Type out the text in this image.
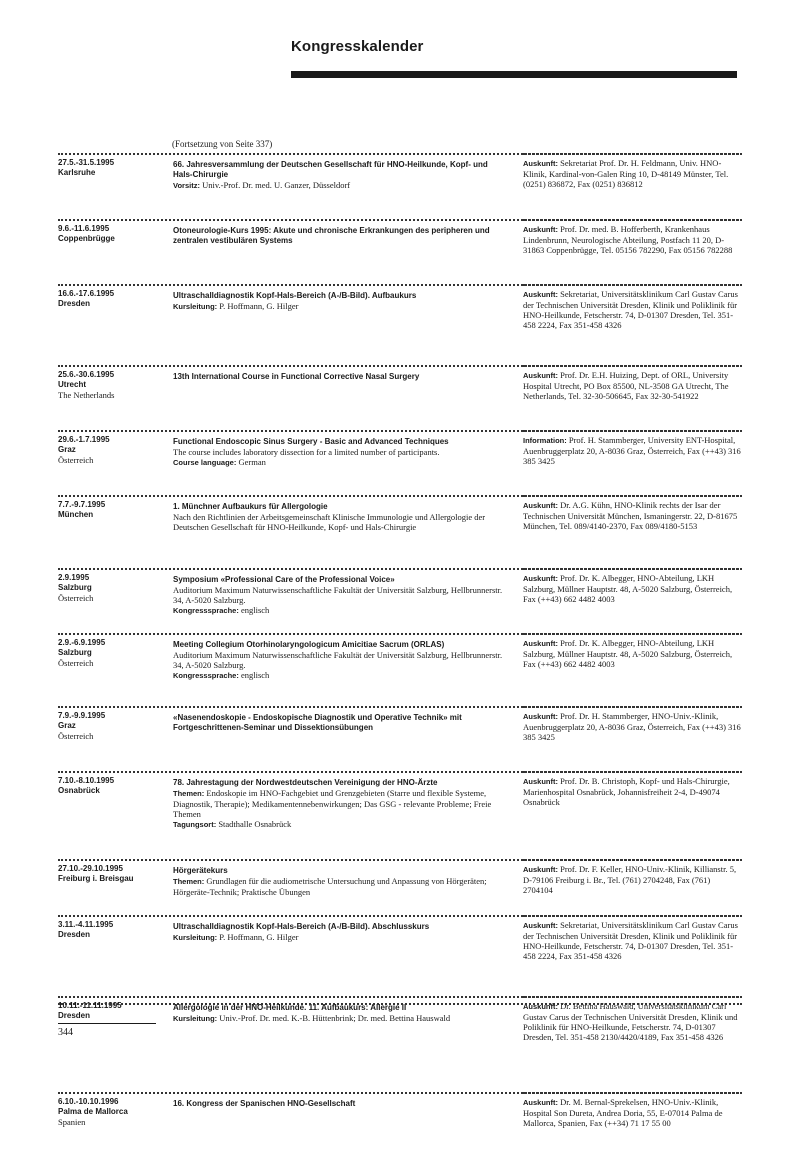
Kongresskalender
(Fortsetzung von Seite 337)
27.5.-31.5.1995
Karlsruhe
66. Jahresversammlung der Deutschen Gesellschaft für HNO-Heilkunde, Kopf- und Hals-Chirurgie
Vorsitz: Univ.-Prof. Dr. med. U. Ganzer, Düsseldorf
Auskunft: Sekretariat Prof. Dr. H. Feldmann, Univ. HNO-Klinik, Kardinal-von-Galen Ring 10, D-48149 Münster, Tel. (0251) 836872, Fax (0251) 836812
9.6.-11.6.1995
Coppenbrügge
Otoneurologie-Kurs 1995: Akute und chronische Erkrankungen des peripheren und zentralen vestibulären Systems
Auskunft: Prof. Dr. med. B. Hofferberth, Krankenhaus Lindenbrunn, Neurologische Abteilung, Postfach 11 20, D-31863 Coppenbrügge, Tel. 05156 782290, Fax 05156 782288
16.6.-17.6.1995
Dresden
Ultraschalldiagnostik Kopf-Hals-Bereich (A-/B-Bild). Aufbaukurs
Kursleitung: P. Hoffmann, G. Hilger
Auskunft: Sekretariat, Universitätsklinikum Carl Gustav Carus der Technischen Universität Dresden, Klinik und Poliklinik für HNO-Heilkunde, Fetscherstr. 74, D-01307 Dresden, Tel. 351-458 2224, Fax 351-458 4326
25.6.-30.6.1995
Utrecht
The Netherlands
13th International Course in Functional Corrective Nasal Surgery	Auskunft: Prof. Dr. E.H. Huizing, Dept. of ORL, University Hospital Utrecht, PO Box 85500, NL-3508 GA Utrecht, The Netherlands, Tel. 32-30-506645, Fax 32-30-541922
29.6.-1.7.1995
Graz
Österreich
Functional Endoscopic Sinus Surgery - Basic and Advanced Techniques
The course includes laboratory dissection for a limited number of participants.
Course language: German
Information: Prof. H. Stammberger, University ENT-Hospital, Auenbruggerplatz 20, A-8036 Graz, Österreich, Fax (++43) 316 385 3425
7.7.-9.7.1995
München
1. Münchner Aufbaukurs für Allergologie
Nach den Richtlinien der Arbeitsgemeinschaft Klinische Immunologie und Allergologie der Deutschen Gesellschaft für HNO-Heilkunde, Kopf- und Hals-Chirurgie
Auskunft: Dr. A.G. Kühn, HNO-Klinik rechts der Isar der Technischen Universität München, Ismaningerstr. 22, D-81675 München, Tel. 089/4140-2370, Fax 089/4180-5153
2.9.1995
Salzburg
Österreich
Symposium «Professional Care of the Professional Voice»
Auditorium Maximum Naturwissenschaftliche Fakultät der Universität Salzburg, Hellbrunnerstr. 34, A-5020 Salzburg.
Kongresssprache: englisch
Auskunft: Prof. Dr. K. Albegger, HNO-Abteilung, LKH Salzburg, Müllner Hauptstr. 48, A-5020 Salzburg, Österreich, Fax (++43) 662 4482 4003
2.9.-6.9.1995
Salzburg
Österreich
Meeting Collegium Otorhinolaryngologicum Amicitiae Sacrum (ORLAS)
Auditorium Maximum Naturwissenschaftliche Fakultät der Universität Salzburg, Hellbrunnerstr. 34, A-5020 Salzburg.
Kongresssprache: englisch
Auskunft: Prof. Dr. K. Albegger, HNO-Abteilung, LKH Salzburg, Müllner Hauptstr. 48, A-5020 Salzburg, Österreich, Fax (++43) 662 4482 4003
7.9.-9.9.1995
Graz
Österreich
«Nasenendoskopie - Endoskopische Diagnostik und Operative Technik» mit Fortgeschrittenen-Seminar und Dissektionsübungen
Auskunft: Prof. Dr. H. Stammberger, HNO-Univ.-Klinik, Auenbruggerplatz 20, A-8036 Graz, Österreich, Fax (++43) 316 385 3425
7.10.-8.10.1995
Osnabrück
78. Jahrestagung der Nordwestdeutschen Vereinigung der HNO-Ärzte
Themen: Endoskopie im HNO-Fachgebiet und Grenzgebieten (Starre und flexible Systeme, Diagnostik, Therapie); Medikamentennebenwirkungen; Das GSG - relevante Probleme; Freie Themen
Tagungsort: Stadthalle Osnabrück
Auskunft: Prof. Dr. B. Christoph, Kopf- und Hals-Chirurgie, Marienhospital Osnabrück, Johannisfreiheit 2-4, D-49074 Osnabrück
27.10.-29.10.1995
Freiburg i. Breisgau
Hörgerätekurs
Themen: Grundlagen für die audiometrische Untersuchung und Anpassung von Hörgeräten; Hörgeräte-Technik; Praktische Übungen
Auskunft: Prof. Dr. F. Keller, HNO-Univ.-Klinik, Killianstr. 5, D-79106 Freiburg i. Br., Tel. (761) 2704248, Fax (761) 2704104
3.11.-4.11.1995
Dresden
Ultraschalldiagnostik Kopf-Hals-Bereich (A-/B-Bild). Abschlusskurs
Kursleitung: P. Hoffmann, G. Hilger
Auskunft: Sekretariat, Universitätsklinikum Carl Gustav Carus der Technischen Universität Dresden, Klinik und Poliklinik für HNO-Heilkunde, Fetscherstr. 74, D-01307 Dresden, Tel. 351-458 2224, Fax 351-458 4326
10.11.-11.11.1995
Dresden
Allergologie in der HNO-Heilkunde. 11. Aufbaukurs: Allergie II
Kursleitung: Univ.-Prof. Dr. med. K.-B. Hüttenbrink; Dr. med. Bettina Hauswald
Auskunft: Dr. Bettina Hauswald, Universitätsklinikum Carl Gustav Carus der Technischen Universität Dresden, Klinik und Poliklinik für HNO-Heilkunde, Fetscherstr. 74, D-01307 Dresden, Tel. 351-458 2130/4420/4189, Fax 351-458 4326
6.10.-10.10.1996
Palma de Mallorca
Spanien
16. Kongress der Spanischen HNO-Gesellschaft	Auskunft: Dr. M. Bernal-Sprekelsen, HNO-Univ.-Klinik, Hospital Son Dureta, Andrea Doria, 55, E-07014 Palma de Mallorca, Spanien, Fax (++34) 71 17 55 00
344
